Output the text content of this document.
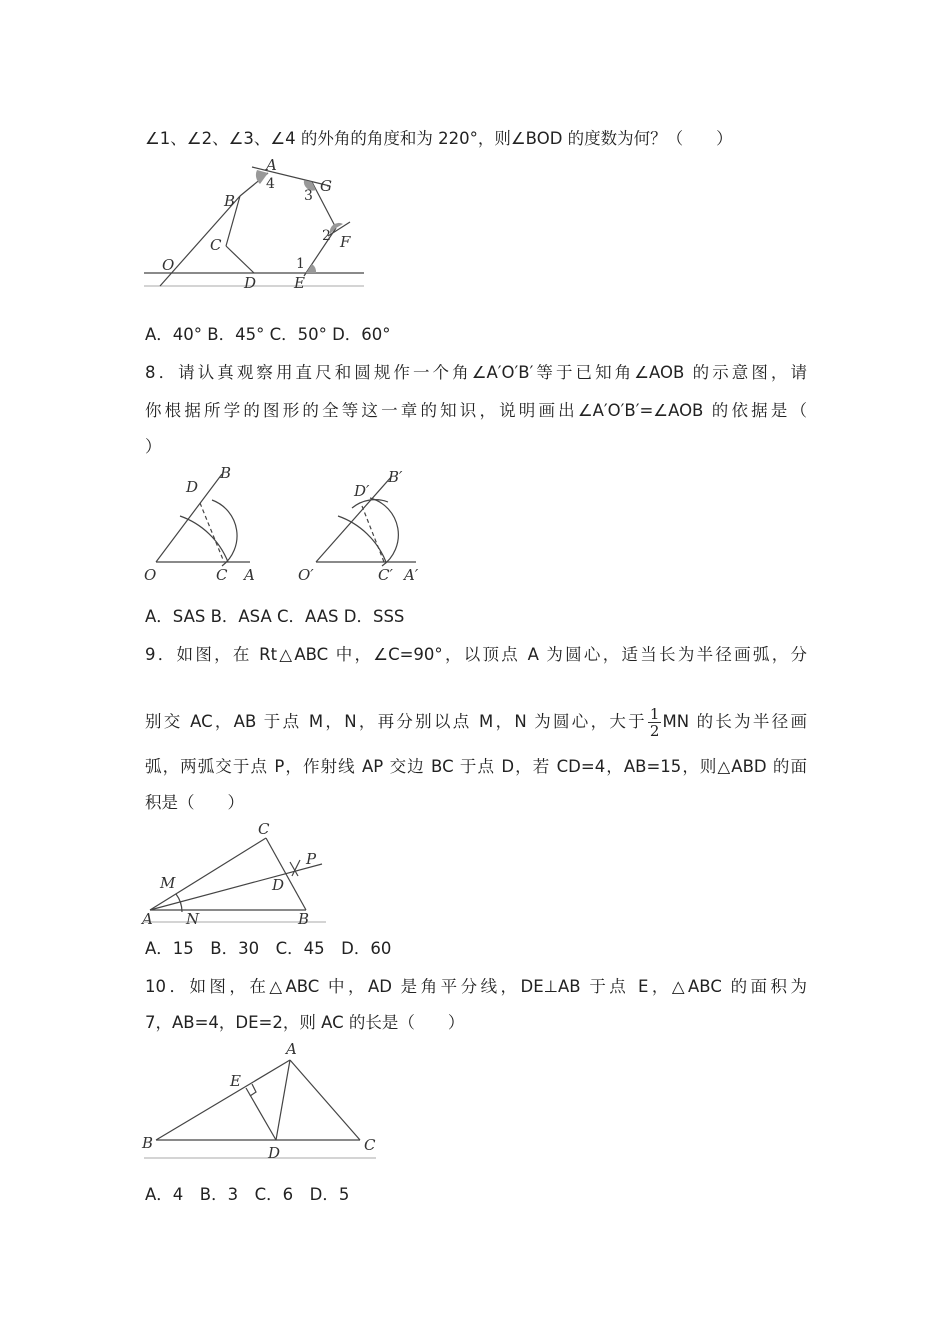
∠1、∠2、∠3、∠4 的外角的角度和为 220°，则∠BOD 的度数为何？（　　）
O
B
C
D
A
4	G
3
2 F
1
E
A．40° B．45° C．50° D．60°
8．请认真观察用直尺和圆规作一个角∠A′O′B′等于已知角∠AOB 的示意图，请
你根据所学的图形的全等这一章的知识，说明画出∠A′O′B′=∠AOB 的依据是（
）
B
D
O	C A
B′
D′
O′	C′ A′
A．SAS B．ASA C．AAS D．SSS
9．如图，在 Rt△ABC 中，∠C=90°，以顶点 A 为圆心，适当长为半径画弧，分
别交 AC，AB 于点 M，N，再分别以点 M，N 为圆心，大于 $\frac{1}{2}$ MN 的长为半径画
弧，两弧交于点 P，作射线 AP 交边 BC 于点 D，若 CD=4，AB=15，则△ABD 的面
积是（　　）
C
M
P
D
A N	B
A．15　B．30　C．45　D．60
10．如图，在△ABC 中，AD 是角平分线，DE⊥AB 于点 E，△ABC 的面积为
7，AB=4，DE=2，则 AC 的长是（　　）
A
E
B
D	C
A．4　B．3　C．6　D．5
